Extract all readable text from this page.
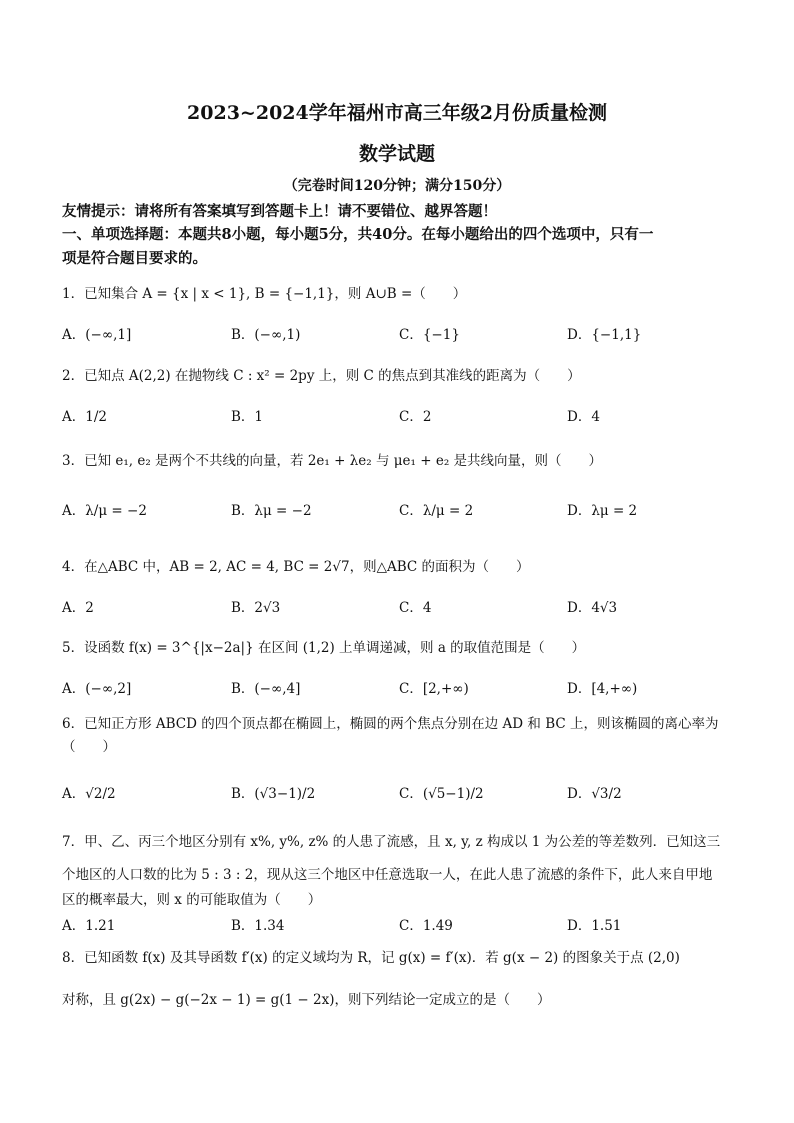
2023~2024学年福州市高三年级2月份质量检测
数学试题
（完卷时间120分钟；满分150分）
友情提示：请将所有答案填写到答题卡上！请不要错位、越界答题！
一、单项选择题：本题共8小题，每小题5分，共40分。在每小题给出的四个选项中，只有一
项是符合题目要求的。
1．已知集合 A = {x | x < 1}, B = {−1,1}，则 A∪B =（　　）
A．(−∞,1]	B．(−∞,1)	C．{−1}	D．{−1,1}
2．已知点 A(2,2) 在抛物线 C : x² = 2py 上，则 C 的焦点到其准线的距离为（　　）
A．1/2	B．1	C．2	D．4
3．已知 e₁, e₂ 是两个不共线的向量，若 2e₁ + λe₂ 与 μe₁ + e₂ 是共线向量，则（　　）
A．λ/μ = −2	B．λμ = −2	C．λ/μ = 2	D．λμ = 2
4．在△ABC 中，AB = 2, AC = 4, BC = 2√7，则△ABC 的面积为（　　）
A．2	B．2√3	C．4	D．4√3
5．设函数 f(x) = 3^{|x−2a|} 在区间 (1,2) 上单调递减，则 a 的取值范围是（　　）
A．(−∞,2]	B．(−∞,4]	C．[2,+∞)	D．[4,+∞)
6．已知正方形 ABCD 的四个顶点都在椭圆上，椭圆的两个焦点分别在边 AD 和 BC 上，则该椭圆的离心率为
（　　）
A．√2/2	B．(√3−1)/2	C．(√5−1)/2	D．√3/2
7．甲、乙、丙三个地区分别有 x%, y%, z% 的人患了流感，且 x, y, z 构成以 1 为公差的等差数列．已知这三
个地区的人口数的比为 5 : 3 : 2，现从这三个地区中任意选取一人，在此人患了流感的条件下，此人来自甲地
区的概率最大，则 x 的可能取值为（　　）
A．1.21	B．1.34	C．1.49	D．1.51
8．已知函数 f(x) 及其导函数 f′(x) 的定义域均为 R，记 g(x) = f′(x)．若 g(x − 2) 的图象关于点 (2,0)
对称，且 g(2x) − g(−2x − 1) = g(1 − 2x)，则下列结论一定成立的是（　　）
